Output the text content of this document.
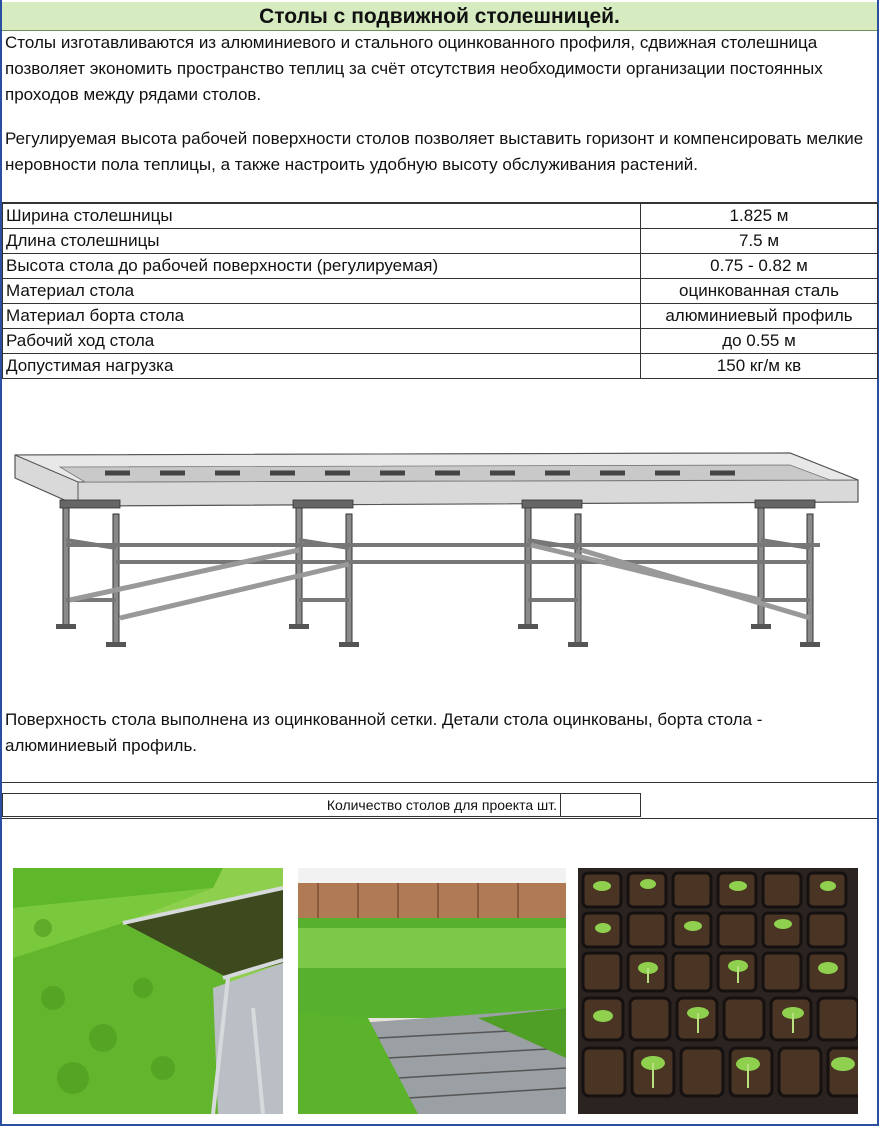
Столы с подвижной столешницей.
Столы изготавливаются из алюминиевого и стального оцинкованного профиля, сдвижная столешница позволяет экономить пространство теплиц за счёт отсутствия необходимости организации постоянных проходов между рядами столов.
Регулируемая высота рабочей поверхности столов позволяет выставить горизонт и компенсировать мелкие неровности пола теплицы, а также настроить удобную высоту обслуживания растений.
Ширина столешницы	1.825 м
Длина столешницы	7.5 м
Высота стола до рабочей поверхности (регулируемая)	0.75 - 0.82 м
Материал стола	оцинкованная сталь
Материал борта стола	алюминиевый профиль
Рабочий ход стола	до 0.55 м
Допустимая нагрузка	150 кг/м кв
Поверхность стола выполнена из оцинкованной сетки. Детали стола оцинкованы, борта стола - алюминиевый профиль.
Количество столов для проекта шт.	
